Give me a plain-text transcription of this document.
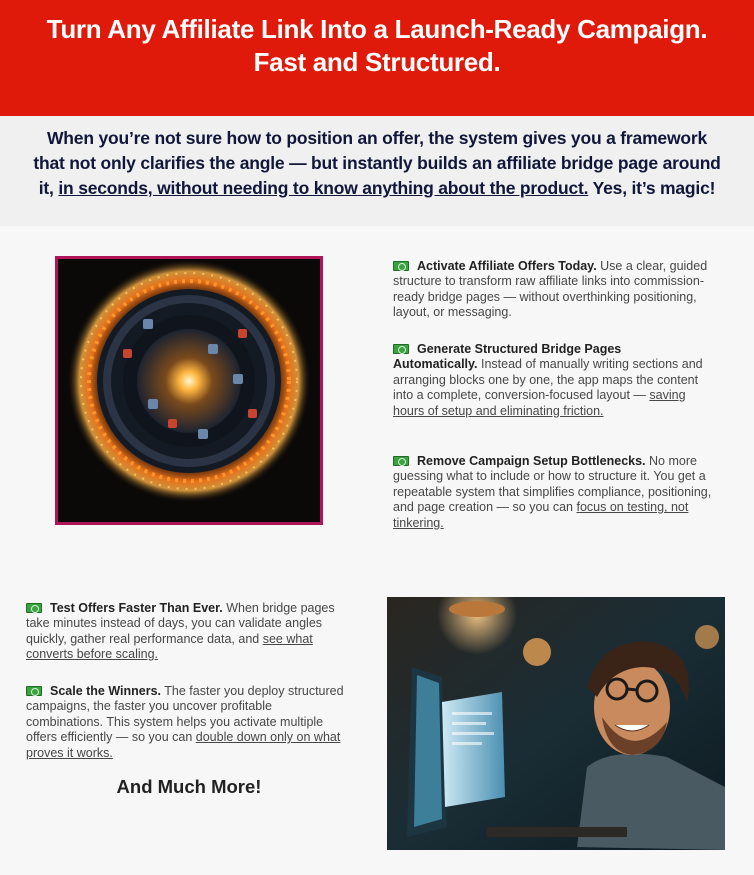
Turn Any Affiliate Link Into a Launch-Ready Campaign.
Fast and Structured.

When you’re not sure how to position an offer, the system gives you a framework that not only clarifies the angle — but instantly builds an affiliate bridge page around it, in seconds, without needing to know anything about the product. Yes, it’s magic!

Activate Affiliate Offers Today. Use a clear, guided structure to transform raw affiliate links into commission-ready bridge pages — without overthinking positioning, layout, or messaging.
Generate Structured Bridge Pages Automatically. Instead of manually writing sections and arranging blocks one by one, the app maps the content into a complete, conversion-focused layout — saving hours of setup and eliminating friction.
Remove Campaign Setup Bottlenecks. No more guessing what to include or how to structure it. You get a repeatable system that simplifies compliance, positioning, and page creation — so you can focus on testing, not tinkering.
Test Offers Faster Than Ever. When bridge pages take minutes instead of days, you can validate angles quickly, gather real performance data, and see what converts before scaling.
Scale the Winners. The faster you deploy structured campaigns, the faster you uncover profitable combinations. This system helps you activate multiple offers efficiently — so you can double down only on what proves it works.
And Much More!
